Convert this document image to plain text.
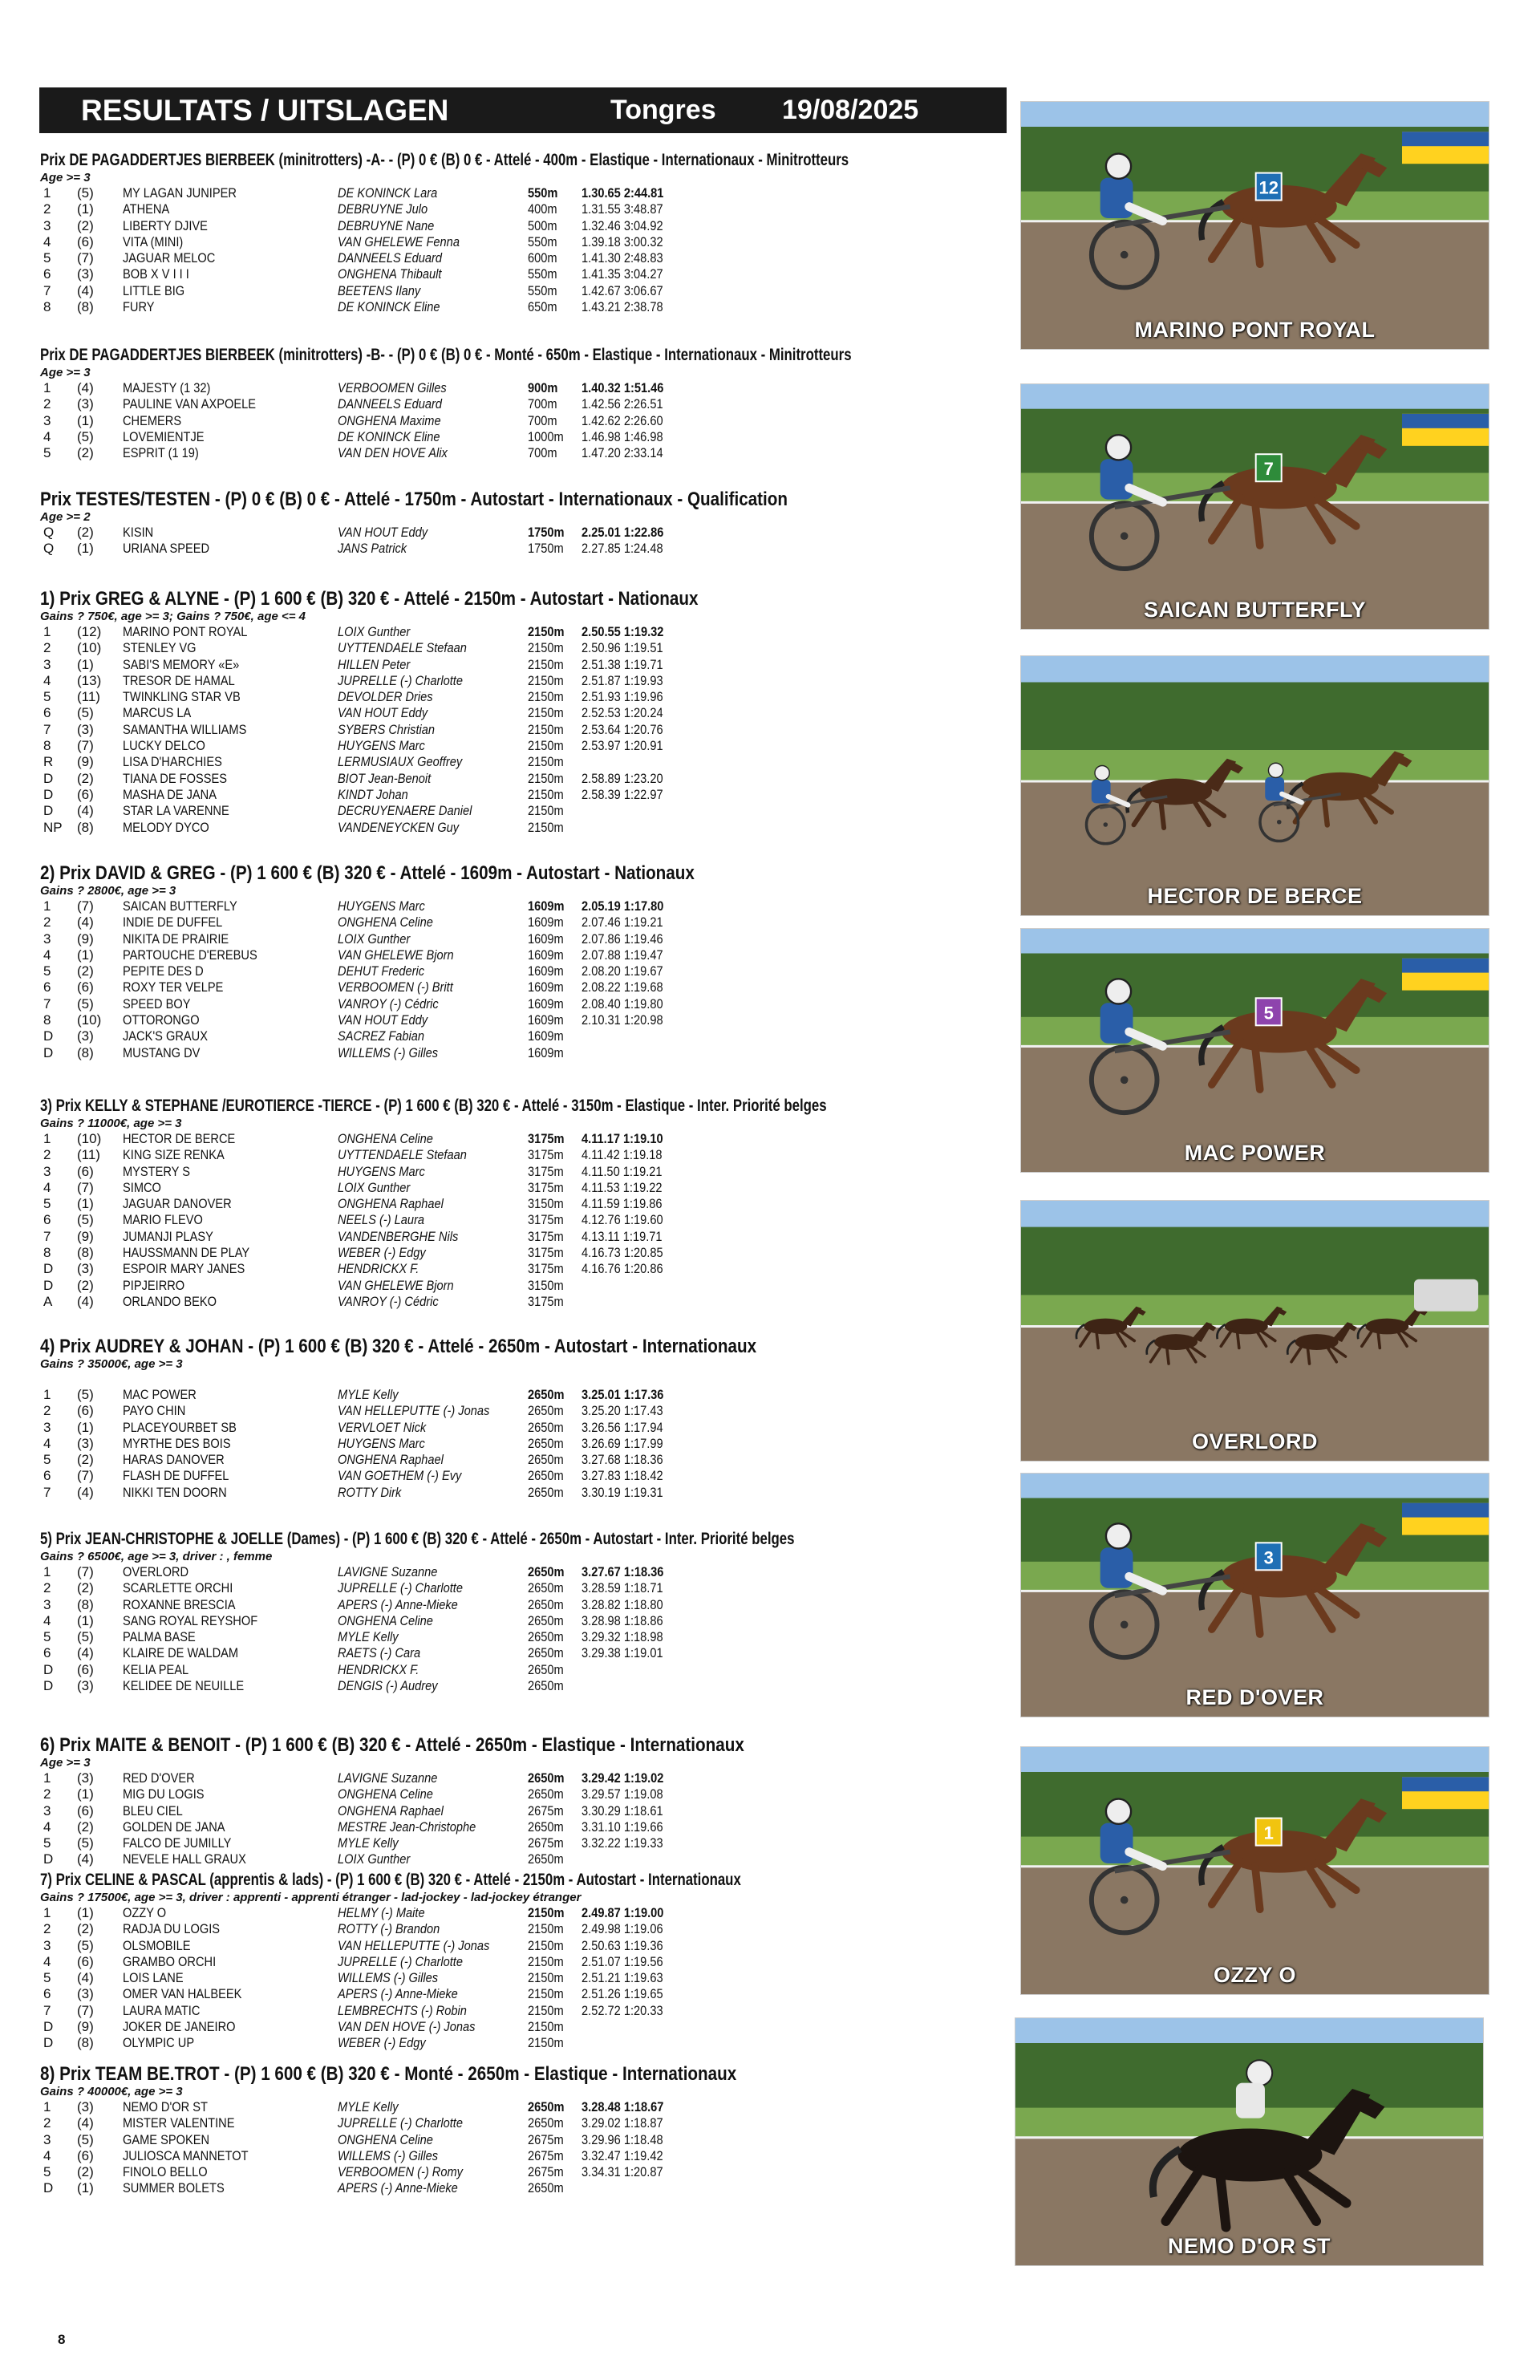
RESULTATS / UITSLAGEN	Tongres 19/08/2025
Prix DE PAGADDERTJES BIERBEEK (minitrotters) -A- - (P) 0 € (B) 0 € - Attelé - 400m - Elastique - Internationaux - Minitrotteurs
Age >= 3
1 (5) MY LAGAN JUNIPER	DE KONINCK Lara	550m 1.30.65 2:44.81
2 (1) ATHENA	DEBRUYNE Julo	400m 1.31.55 3:48.87
3 (2) LIBERTY DJIVE	DEBRUYNE Nane	500m 1.32.46 3:04.92
4 (6) VITA (MINI)	VAN GHELEWE Fenna	550m 1.39.18 3:00.32
5 (7) JAGUAR MELOC	DANNEELS Eduard	600m 1.41.30 2:48.83
6 (3) BOB X V I I I	ONGHENA Thibault	550m 1.41.35 3:04.27
7 (4) LITTLE BIG	BEETENS Ilany	550m 1.42.67 3:06.67
8 (8) FURY	DE KONINCK Eline	650m 1.43.21 2:38.78
Prix DE PAGADDERTJES BIERBEEK (minitrotters) -B- - (P) 0 € (B) 0 € - Monté - 650m - Elastique - Internationaux - Minitrotteurs
Age >= 3
1 (4) MAJESTY (1 32)	VERBOOMEN Gilles	900m 1.40.32 1:51.46
2 (3) PAULINE VAN AXPOELE	DANNEELS Eduard	700m 1.42.56 2:26.51
3 (1) CHEMERS	ONGHENA Maxime	700m 1.42.62 2:26.60
4 (5) LOVEMIENTJE	DE KONINCK Eline	1000m 1.46.98 1:46.98
5 (2) ESPRIT (1 19)	VAN DEN HOVE Alix	700m 1.47.20 2:33.14
Prix TESTES/TESTEN - (P) 0 € (B) 0 € - Attelé - 1750m - Autostart - Internationaux - Qualification
Age >= 2
Q (2) KISIN	VAN HOUT Eddy	1750m 2.25.01 1:22.86
Q (1) URIANA SPEED	JANS Patrick	1750m 2.27.85 1:24.48
1) Prix GREG & ALYNE - (P) 1 600 € (B) 320 € - Attelé - 2150m - Autostart - Nationaux
Gains ? 750€, age >= 3; Gains ? 750€, age <= 4
1 (12) MARINO PONT ROYAL	LOIX Gunther	2150m 2.50.55 1:19.32
2 (10) STENLEY VG	UYTTENDAELE Stefaan	2150m 2.50.96 1:19.51
3 (1) SABI'S MEMORY «E»	HILLEN Peter	2150m 2.51.38 1:19.71
4 (13) TRESOR DE HAMAL	JUPRELLE (-) Charlotte	2150m 2.51.87 1:19.93
5 (11) TWINKLING STAR VB	DEVOLDER Dries	2150m 2.51.93 1:19.96
6 (5) MARCUS LA	VAN HOUT Eddy	2150m 2.52.53 1:20.24
7 (3) SAMANTHA WILLIAMS	SYBERS Christian	2150m 2.53.64 1:20.76
8 (7) LUCKY DELCO	HUYGENS Marc	2150m 2.53.97 1:20.91
R (9) LISA D'HARCHIES	LERMUSIAUX Geoffrey	2150m
D (2) TIANA DE FOSSES	BIOT Jean-Benoit	2150m 2.58.89 1:23.20
D (6) MASHA DE JANA	KINDT Johan	2150m 2.58.39 1:22.97
D (4) STAR LA VARENNE	DECRUYENAERE Daniel	2150m
NP (8) MELODY DYCO	VANDENEYCKEN Guy	2150m
2) Prix DAVID & GREG - (P) 1 600 € (B) 320 € - Attelé - 1609m - Autostart - Nationaux
Gains ? 2800€, age >= 3
1 (7) SAICAN BUTTERFLY	HUYGENS Marc	1609m 2.05.19 1:17.80
2 (4) INDIE DE DUFFEL	ONGHENA Celine	1609m 2.07.46 1:19.21
3 (9) NIKITA DE PRAIRIE	LOIX Gunther	1609m 2.07.86 1:19.46
4 (1) PARTOUCHE D'EREBUS	VAN GHELEWE Bjorn	1609m 2.07.88 1:19.47
5 (2) PEPITE DES D	DEHUT Frederic	1609m 2.08.20 1:19.67
6 (6) ROXY TER VELPE	VERBOOMEN (-) Britt	1609m 2.08.22 1:19.68
7 (5) SPEED BOY	VANROY (-) Cédric	1609m 2.08.40 1:19.80
8 (10) OTTORONGO	VAN HOUT Eddy	1609m 2.10.31 1:20.98
D (3) JACK'S GRAUX	SACREZ Fabian	1609m
D (8) MUSTANG DV	WILLEMS (-) Gilles	1609m
3) Prix KELLY & STEPHANE /EUROTIERCE -TIERCE - (P) 1 600 € (B) 320 € - Attelé - 3150m - Elastique - Inter. Priorité belges
Gains ? 11000€, age >= 3
1 (10) HECTOR DE BERCE	ONGHENA Celine	3175m 4.11.17 1:19.10
2 (11) KING SIZE RENKA	UYTTENDAELE Stefaan	3175m 4.11.42 1:19.18
3 (6) MYSTERY S	HUYGENS Marc	3175m 4.11.50 1:19.21
4 (7) SIMCO	LOIX Gunther	3175m 4.11.53 1:19.22
5 (1) JAGUAR DANOVER	ONGHENA Raphael	3150m 4.11.59 1:19.86
6 (5) MARIO FLEVO	NEELS (-) Laura	3175m 4.12.76 1:19.60
7 (9) JUMANJI PLASY	VANDENBERGHE Nils	3175m 4.13.11 1:19.71
8 (8) HAUSSMANN DE PLAY	WEBER (-) Edgy	3175m 4.16.73 1:20.85
D (3) ESPOIR MARY JANES	HENDRICKX F.	3175m 4.16.76 1:20.86
D (2) PIPJEIRRO	VAN GHELEWE Bjorn	3150m
A (4) ORLANDO BEKO	VANROY (-) Cédric	3175m
4) Prix AUDREY & JOHAN - (P) 1 600 € (B) 320 € - Attelé - 2650m - Autostart - Internationaux
Gains ? 35000€, age >= 3
1 (5) MAC POWER	MYLE Kelly	2650m 3.25.01 1:17.36
2 (6) PAYO CHIN	VAN HELLEPUTTE (-) Jonas	2650m 3.25.20 1:17.43
3 (1) PLACEYOURBET SB	VERVLOET Nick	2650m 3.26.56 1:17.94
4 (3) MYRTHE DES BOIS	HUYGENS Marc	2650m 3.26.69 1:17.99
5 (2) HARAS DANOVER	ONGHENA Raphael	2650m 3.27.68 1:18.36
6 (7) FLASH DE DUFFEL	VAN GOETHEM (-) Evy	2650m 3.27.83 1:18.42
7 (4) NIKKI TEN DOORN	ROTTY Dirk	2650m 3.30.19 1:19.31
5) Prix JEAN-CHRISTOPHE & JOELLE (Dames) - (P) 1 600 € (B) 320 € - Attelé - 2650m - Autostart - Inter. Priorité belges
Gains ? 6500€, age >= 3, driver : , femme
1 (7) OVERLORD	LAVIGNE Suzanne	2650m 3.27.67 1:18.36
2 (2) SCARLETTE ORCHI	JUPRELLE (-) Charlotte	2650m 3.28.59 1:18.71
3 (8) ROXANNE BRESCIA	APERS (-) Anne-Mieke	2650m 3.28.82 1:18.80
4 (1) SANG ROYAL REYSHOF	ONGHENA Celine	2650m 3.28.98 1:18.86
5 (5) PALMA BASE	MYLE Kelly	2650m 3.29.32 1:18.98
6 (4) KLAIRE DE WALDAM	RAETS (-) Cara	2650m 3.29.38 1:19.01
D (6) KELIA PEAL	HENDRICKX F.	2650m
D (3) KELIDEE DE NEUILLE	DENGIS (-) Audrey	2650m
6) Prix MAITE & BENOIT - (P) 1 600 € (B) 320 € - Attelé - 2650m - Elastique - Internationaux
Age >= 3
1 (3) RED D'OVER	LAVIGNE Suzanne	2650m 3.29.42 1:19.02
2 (1) MIG DU LOGIS	ONGHENA Celine	2650m 3.29.57 1:19.08
3 (6) BLEU CIEL	ONGHENA Raphael	2675m 3.30.29 1:18.61
4 (2) GOLDEN DE JANA	MESTRE Jean-Christophe	2650m 3.31.10 1:19.66
5 (5) FALCO DE JUMILLY	MYLE Kelly	2675m 3.32.22 1:19.33
D (4) NEVELE HALL GRAUX	LOIX Gunther	2650m
7) Prix CELINE & PASCAL (apprentis & lads) - (P) 1 600 € (B) 320 € - Attelé - 2150m - Autostart - Internationaux
Gains ? 17500€, age >= 3, driver : apprenti - apprenti étranger - lad-jockey - lad-jockey étranger
1 (1) OZZY O	HELMY (-) Maite	2150m 2.49.87 1:19.00
2 (2) RADJA DU LOGIS	ROTTY (-) Brandon	2150m 2.49.98 1:19.06
3 (5) OLSMOBILE	VAN HELLEPUTTE (-) Jonas	2150m 2.50.63 1:19.36
4 (6) GRAMBO ORCHI	JUPRELLE (-) Charlotte	2150m 2.51.07 1:19.56
5 (4) LOIS LANE	WILLEMS (-) Gilles	2150m 2.51.21 1:19.63
6 (3) OMER VAN HALBEEK	APERS (-) Anne-Mieke	2150m 2.51.26 1:19.65
7 (7) LAURA MATIC	LEMBRECHTS (-) Robin	2150m 2.52.72 1:20.33
D (9) JOKER DE JANEIRO	VAN DEN HOVE (-) Jonas	2150m
D (8) OLYMPIC UP	WEBER (-) Edgy	2150m
8) Prix TEAM BE.TROT - (P) 1 600 € (B) 320 € - Monté - 2650m - Elastique - Internationaux
Gains ? 40000€, age >= 3
1 (3) NEMO D'OR ST	MYLE Kelly	2650m 3.28.48 1:18.67
2 (4) MISTER VALENTINE	JUPRELLE (-) Charlotte	2650m 3.29.02 1:18.87
3 (5) GAME SPOKEN	ONGHENA Celine	2675m 3.29.96 1:18.48
4 (6) JULIOSCA MANNETOT	WILLEMS (-) Gilles	2675m 3.32.47 1:19.42
5 (2) FINOLO BELLO	VERBOOMEN (-) Romy	2675m 3.34.31 1:20.87
D (1) SUMMER BOLETS	APERS (-) Anne-Mieke	2650m
12
MARINO PONT ROYAL
7
SAICAN BUTTERFLY
HECTOR DE BERCE
5
MAC POWER
OVERLORD
3
RED D'OVER
1
OZZY O
NEMO D'OR ST
8
